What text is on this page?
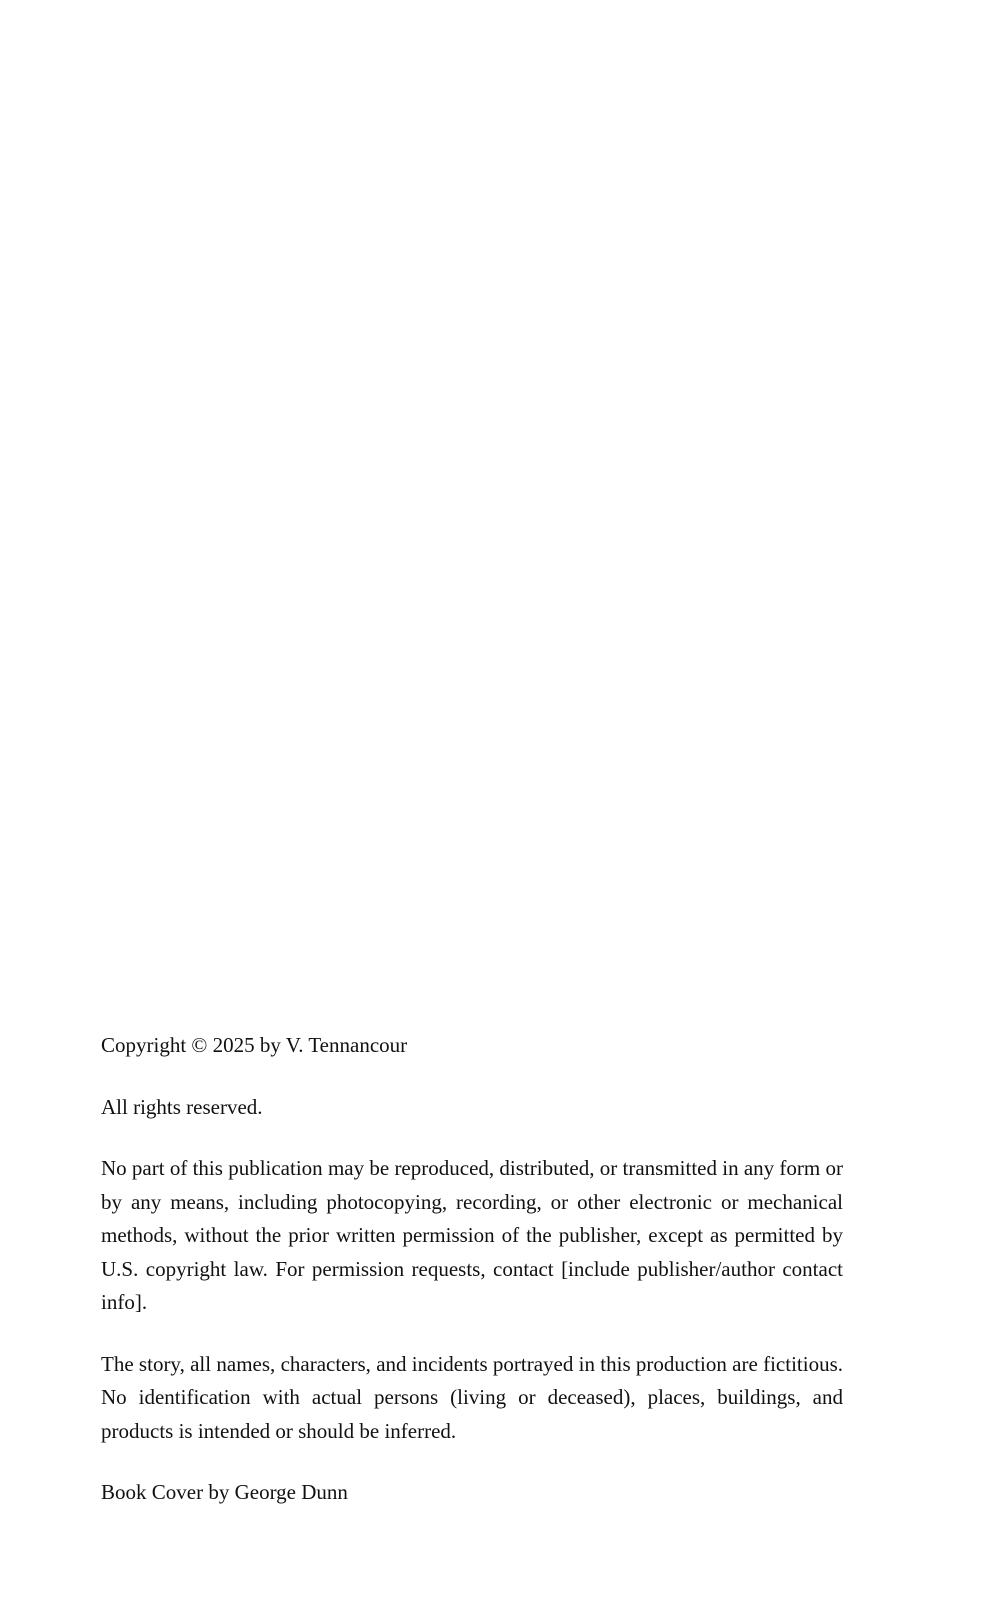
Copyright © 2025 by V. Tennancour

All rights reserved.

No part of this publication may be reproduced, distributed, or transmitted in any form or by any means, including photocopying, recording, or other electronic or mechanical methods, without the prior written permission of the publisher, except as permitted by U.S. copyright law. For permission requests, contact [include publisher/author contact info].

The story, all names, characters, and incidents portrayed in this production are fictitious. No identification with actual persons (living or deceased), places, buildings, and products is intended or should be inferred.

Book Cover by George Dunn
